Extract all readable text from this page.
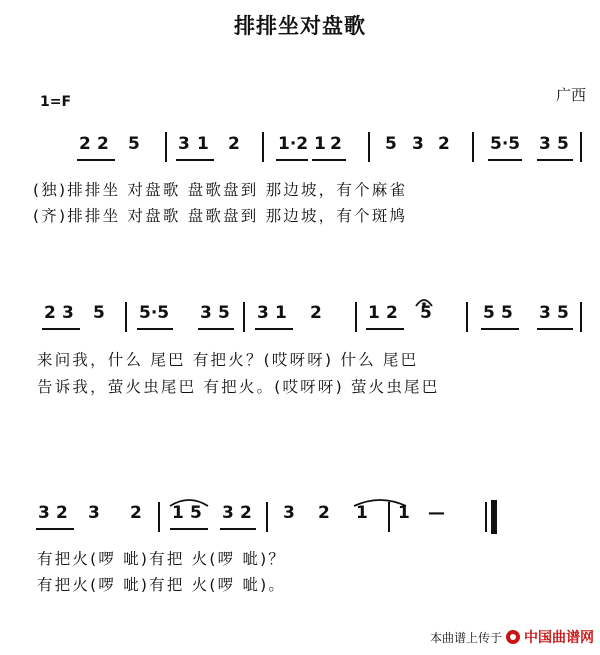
排排坐对盘歌
广西
1=F
(独)排排坐 对盘歌 盘歌盘到 那边坡，有个麻雀
(齐)排排坐 对盘歌 盘歌盘到 那边坡，有个斑鸠
2 2 5 3 1 2 1·2 1 2	5 3 2 5·5 3 5
来问我，什么 尾巴 有把火？(哎呀呀) 什么 尾巴
告诉我，萤火虫尾巴 有把火。(哎呀呀) 萤火虫尾巴
2 3 5 5·5 3 5 3 1 2	1 2 5	5 5 3 5
有把火(啰 呲)有把 火(啰 呲)？
有把火(啰 呲)有把 火(啰 呲)。
3 2 3 2 1 5 3 2 3 2 1 1 —
本曲谱上传于 中国曲谱网
